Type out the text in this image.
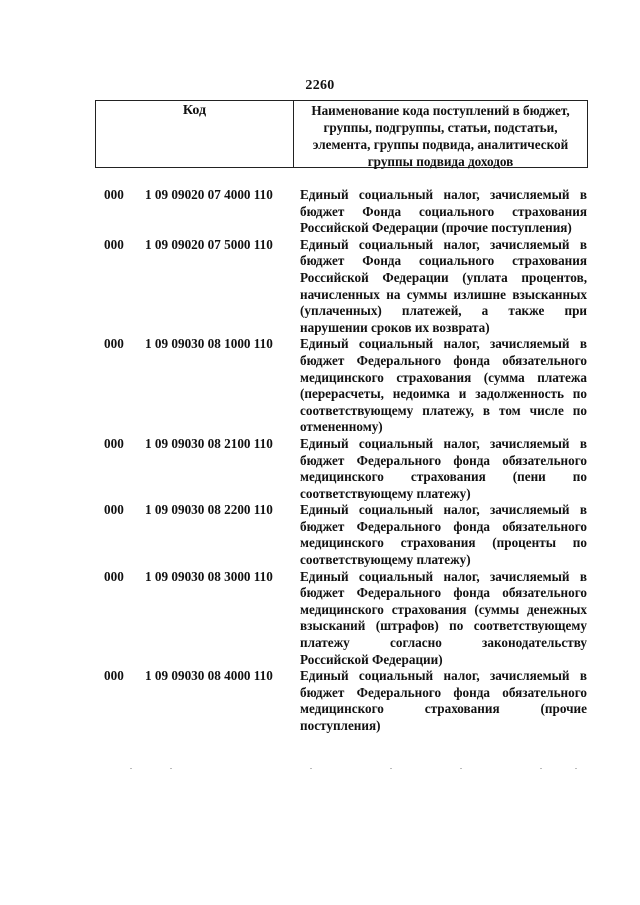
2260
Код	Наименование кода поступлений в бюджет, группы, подгруппы, статьи, подстатьи, элемента, группы подвида, аналитической группы подвида доходов
000 1 09 09020 07 4000 110 Единый социальный налог, зачисляемый в
бюджет Фонда социального страхования
Российской Федерации (прочие поступления)
000 1 09 09020 07 5000 110 Единый социальный налог, зачисляемый в
бюджет Фонда социального страхования
Российской Федерации (уплата процентов,
начисленных на суммы излишне взысканных
(уплаченных) платежей, а также при
нарушении сроков их возврата)
000 1 09 09030 08 1000 110 Единый социальный налог, зачисляемый в
бюджет Федерального фонда обязательного
медицинского страхования (сумма платежа
(перерасчеты, недоимка и задолженность по
соответствующему платежу, в том числе по
отмененному)
000 1 09 09030 08 2100 110 Единый социальный налог, зачисляемый в
бюджет Федерального фонда обязательного
медицинского страхования (пени по
соответствующему платежу)
000 1 09 09030 08 2200 110 Единый социальный налог, зачисляемый в
бюджет Федерального фонда обязательного
медицинского страхования (проценты по
соответствующему платежу)
000 1 09 09030 08 3000 110 Единый социальный налог, зачисляемый в
бюджет Федерального фонда обязательного
медицинского страхования (суммы денежных
взысканий (штрафов) по соответствующему
платежу согласно законодательству
Российской Федерации)
000 1 09 09030 08 4000 110 Единый социальный налог, зачисляемый в
бюджет Федерального фонда обязательного
медицинского страхования (прочие
поступления)
